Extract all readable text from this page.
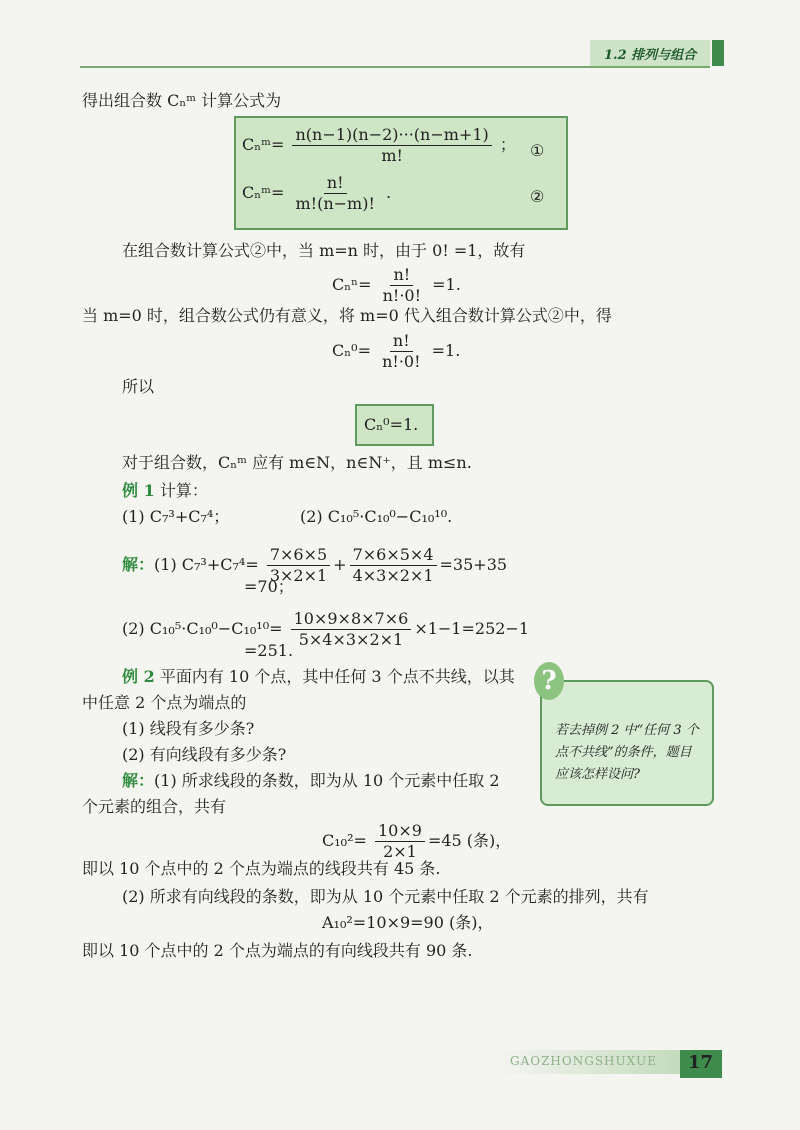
1.2 排列与组合
得出组合数 Cₙᵐ 计算公式为
Cₙᵐ= $\frac{n(n-1)(n-2)\cdot\cdot\cdot(n-m+1)}{m!}$ ； ①
Cₙᵐ= $\frac{n!}{m!(n-m)!}$ .	②
在组合数计算公式②中，当 m=n 时，由于 0! =1，故有
$C_n^n= \frac{n!}{n!\cdot 0!} =1$.
当 m=0 时，组合数公式仍有意义，将 m=0 代入组合数计算公式②中，得
$C_n^0= \frac{n!}{n!\cdot 0!} =1$.
所以
Cₙ⁰=1.
对于组合数，Cₙᵐ 应有 m∈N，n∈N⁺，且 m≤n.
例 1 计算：
(1) C₇³+C₇⁴；	(2) C₁₀⁵·C₁₀⁰−C₁₀¹⁰.
解：(1) $C_7^3+C_7^4= \frac{7\times 6\times 5}{3\times 2\times 1} + \frac{7\times 6\times 5\times 4}{4\times 3\times 2\times 1} =35+35$
=70；
(2) $C_{10}^5\cdot C_{10}^0-C_{10}^{10}= \frac{10\times 9\times 8\times 7\times 6}{5\times 4\times 3\times 2\times 1} \times 1-1=252-1$
=251.
例 2 平面内有 10 个点，其中任何 3 个点不共线，以其
中任意 2 个点为端点的
(1) 线段有多少条?
(2) 有向线段有多少条?
解：(1) 所求线段的条数，即为从 10 个元素中任取 2
个元素的组合，共有
$C_{10}^2= \frac{10\times 9}{2\times 1} =45$ (条)，
即以 10 个点中的 2 个点为端点的线段共有 45 条.
(2) 所求有向线段的条数，即为从 10 个元素中任取 2 个元素的排列，共有
A₁₀²=10×9=90 (条)，
即以 10 个点中的 2 个点为端点的有向线段共有 90 条.
?
若去掉例 2 中“任何 3 个点不共线”的条件，题目应该怎样设问?
GAOZHONGSHUXUE 17
